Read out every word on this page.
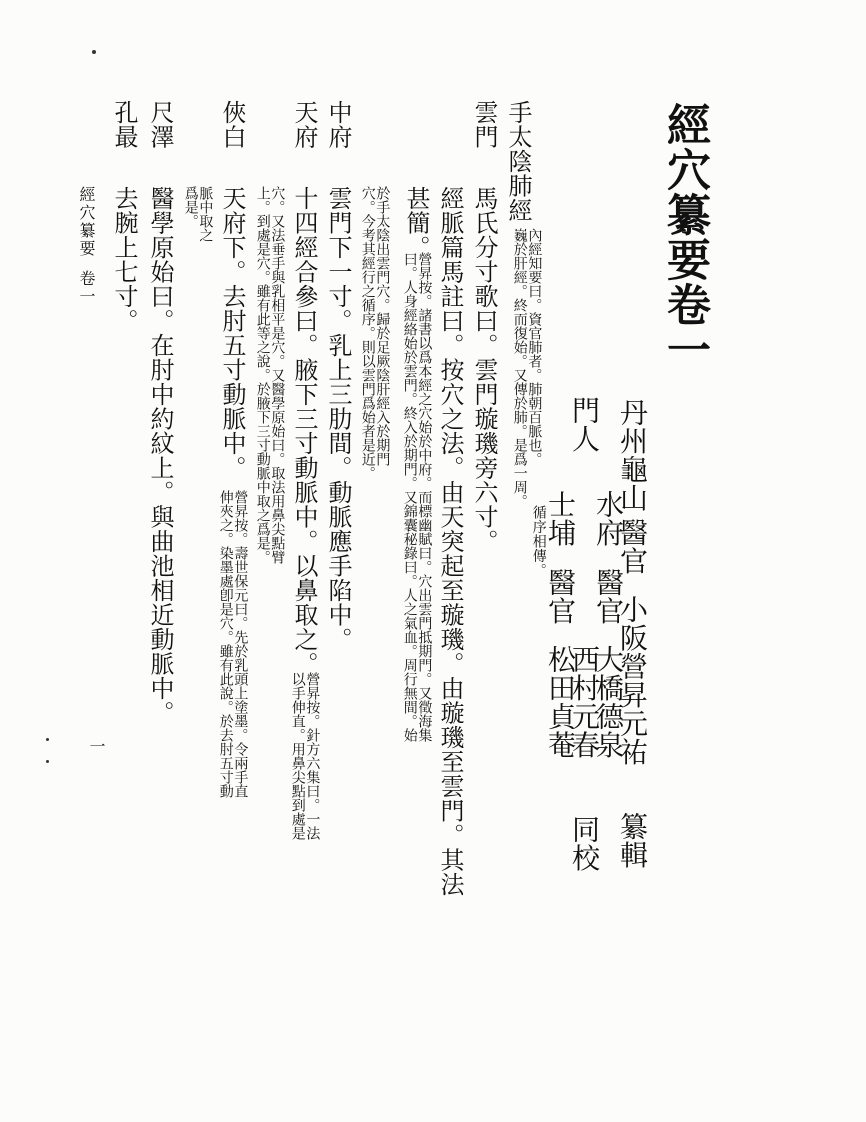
經穴纂要卷一
丹州龜山
醫官
小阪營昇元祐
纂輯
門人
水府
醫官
大橋德泉
西村元春
士埔
醫官
松田貞菴
同校
手太陰肺經
內經知要曰。資官肺者。肺朝百脈也。
巍於肝經。終而復始。又傳於肺。是爲一周。
循序相傳。
雲門
馬氏分寸歌曰。雲門璇璣旁六寸。
經脈篇馬註曰。按穴之法。由天突起至璇璣。由璇璣至雲門。其法
甚簡。
營昇按。諸書以爲本經之穴始於中府。而標幽賦曰。穴出雲門抵期門。又徵海集
曰。人身經絡始於雲門。終入於期門。又錦囊秘錄曰。人之氣血。周行無間。始
於手太陰出雲門穴。歸於足厥陰肝經入於期門
穴。今考其經行之循序。則以雲門爲始者是近。
中府
雲門下一寸。乳上三肋間。動脈應手陷中。
天府
十四經合參曰。腋下三寸動脈中。以鼻取之。
營昇按。針方六集曰。一法
以手伸直。用鼻尖點到處是
穴。又法垂手與乳相平是穴。又醫學原始曰。取法用鼻尖點臂
上。到處是穴。雖有此等之說。於腋下三寸動脈中取之爲是。
俠白
天府下。去肘五寸動脈中。
營昇按。壽世保元曰。先於乳頭上塗墨。令兩手直
伸夾之。染墨處卽是穴。雖有此說。於去肘五寸動
脈中取之
爲是。
尺澤
醫學原始曰。在肘中約紋上。與曲池相近動脈中。
孔最
去腕上七寸。
經穴纂要
卷一
一
